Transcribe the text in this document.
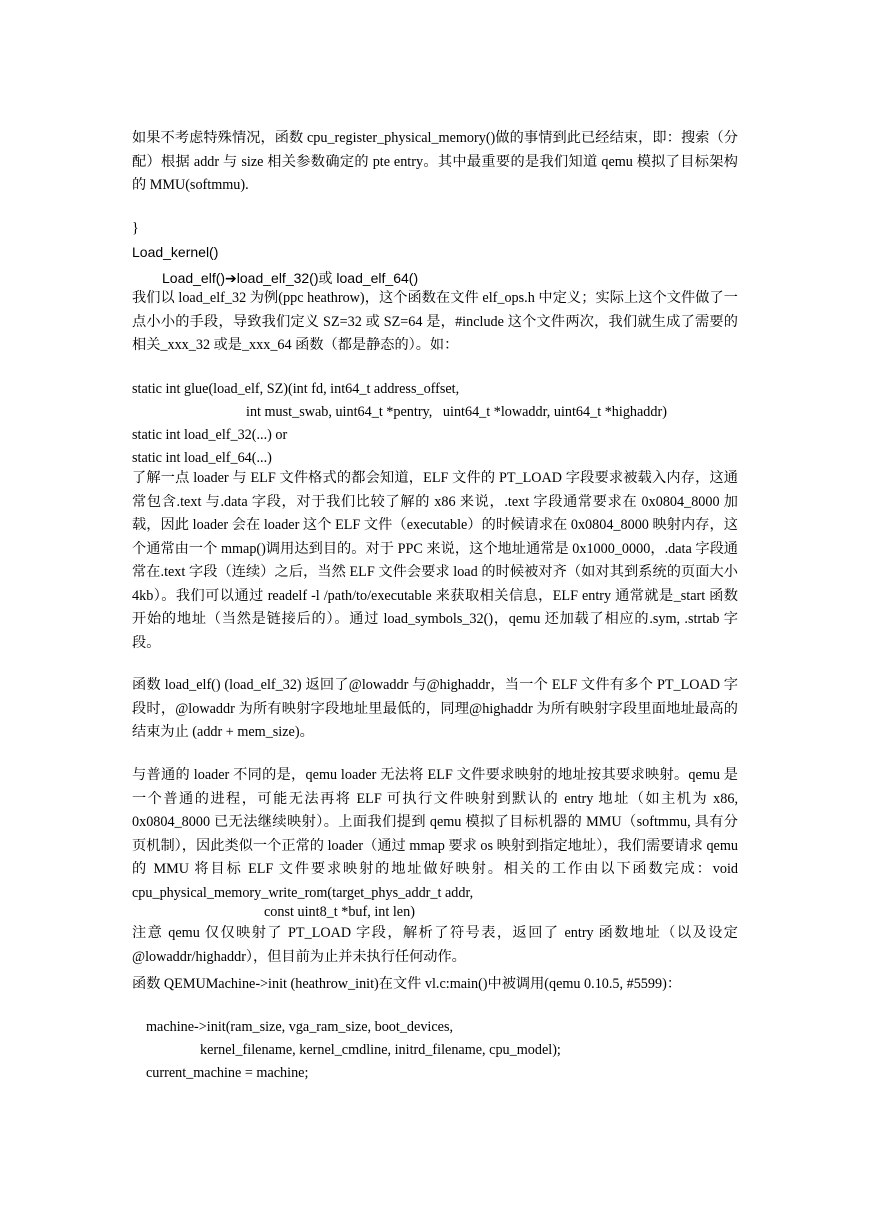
如果不考虑特殊情况，函数 cpu_register_physical_memory()做的事情到此已经结束，即：搜索（分配）根据 addr 与 size 相关参数确定的 pte entry。其中最重要的是我们知道 qemu 模拟了目标架构的 MMU(softmmu).
}
Load_kernel()
Load_elf()➔load_elf_32()或 load_elf_64()
我们以 load_elf_32 为例(ppc heathrow)，这个函数在文件 elf_ops.h 中定义；实际上这个文件做了一点小小的手段，导致我们定义 SZ=32 或 SZ=64 是，#include 这个文件两次，我们就生成了需要的相关_xxx_32 或是_xxx_64 函数（都是静态的）。如：
static int glue(load_elf, SZ)(int fd, int64_t address_offset,
int must_swab, uint64_t *pentry,   uint64_t *lowaddr, uint64_t *highaddr)
static int load_elf_32(...) or
static int load_elf_64(...)
了解一点 loader 与 ELF 文件格式的都会知道，ELF 文件的 PT_LOAD 字段要求被载入内存，这通常包含.text 与.data 字段，对于我们比较了解的 x86 来说，.text 字段通常要求在 0x0804_8000 加载，因此 loader 会在 loader 这个 ELF 文件（executable）的时候请求在 0x0804_8000 映射内存，这个通常由一个 mmap()调用达到目的。对于 PPC 来说，这个地址通常是 0x1000_0000，.data 字段通常在.text 字段（连续）之后，当然 ELF 文件会要求 load 的时候被对齐（如对其到系统的页面大小 4kb）。我们可以通过 readelf -l /path/to/executable 来获取相关信息，ELF entry 通常就是_start 函数开始的地址（当然是链接后的）。通过 load_symbols_32()，qemu 还加载了相应的.sym, .strtab 字段。
函数 load_elf() (load_elf_32) 返回了@lowaddr 与@highaddr，当一个 ELF 文件有多个 PT_LOAD 字段时，@lowaddr 为所有映射字段地址里最低的，同理@highaddr 为所有映射字段里面地址最高的结束为止 (addr + mem_size)。
与普通的 loader 不同的是，qemu loader 无法将 ELF 文件要求映射的地址按其要求映射。qemu 是一个普通的进程，可能无法再将 ELF 可执行文件映射到默认的 entry 地址（如主机为 x86, 0x0804_8000 已无法继续映射）。上面我们提到 qemu 模拟了目标机器的 MMU（softmmu, 具有分页机制），因此类似一个正常的 loader（通过 mmap 要求 os 映射到指定地址），我们需要请求 qemu 的 MMU 将目标 ELF 文件要求映射的地址做好映射。相关的工作由以下函数完成：void cpu_physical_memory_write_rom(target_phys_addr_t addr,
const uint8_t *buf, int len)
注意 qemu 仅仅映射了 PT_LOAD 字段，解析了符号表，返回了 entry 函数地址（以及设定@lowaddr/highaddr），但目前为止并未执行任何动作。
函数 QEMUMachine->init (heathrow_init)在文件 vl.c:main()中被调用(qemu 0.10.5, #5599)：
machine->init(ram_size, vga_ram_size, boot_devices,
kernel_filename, kernel_cmdline, initrd_filename, cpu_model);
current_machine = machine;
